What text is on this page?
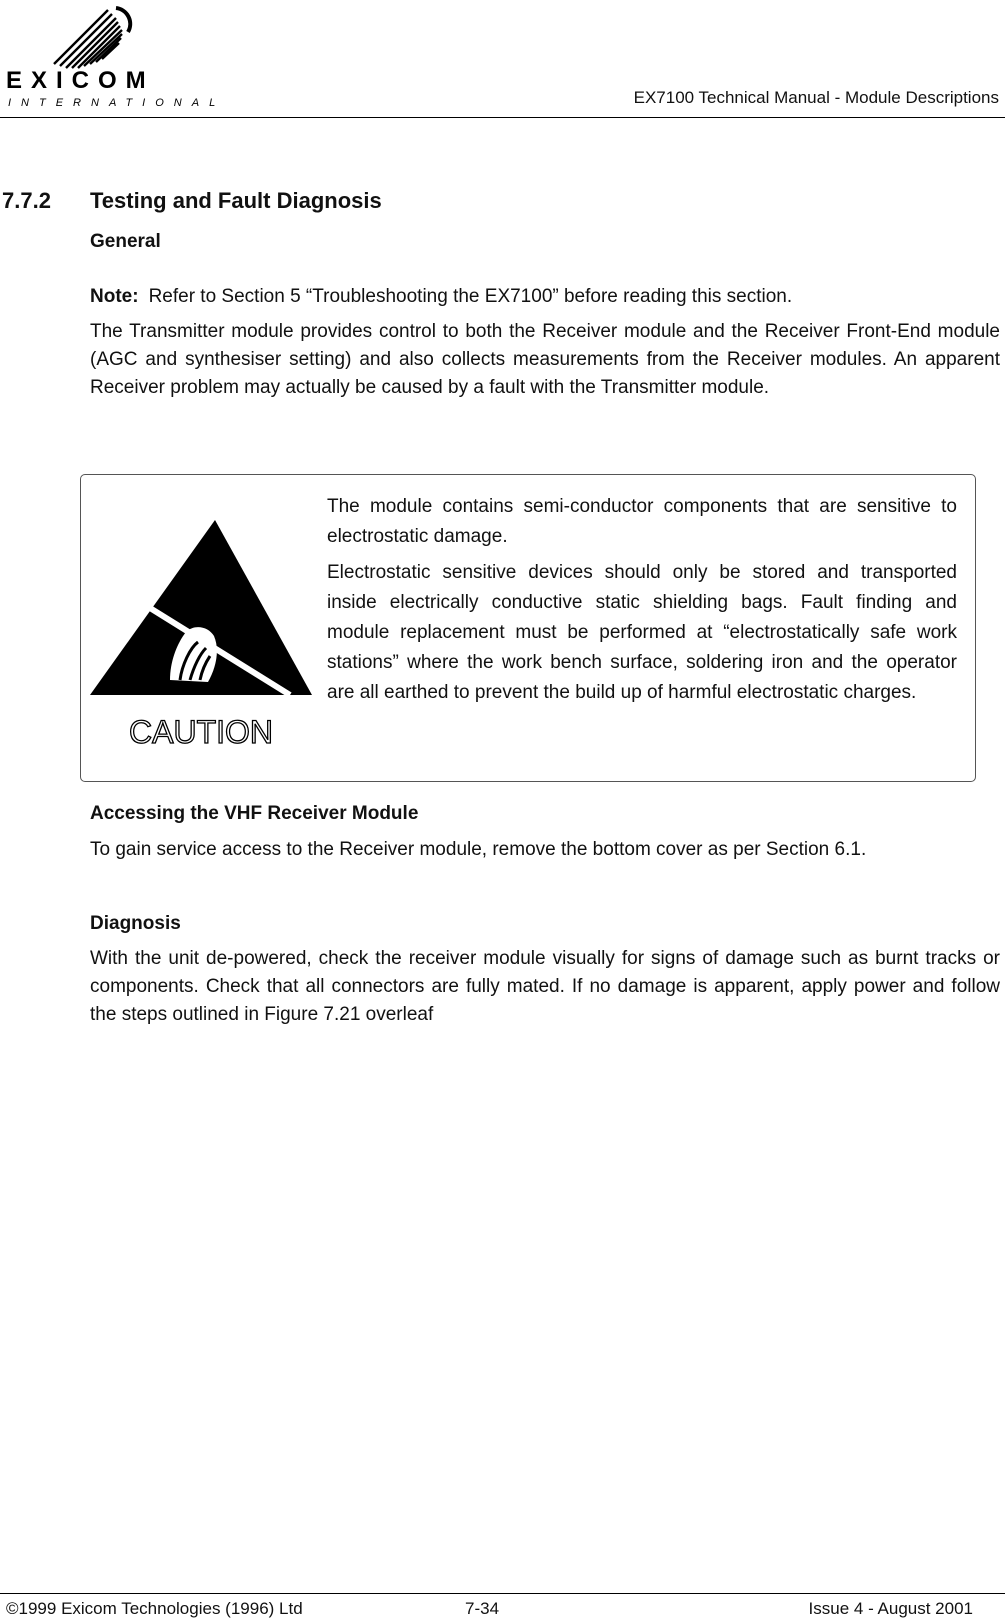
EXICOM
INTERNATIONAL	EX7100 Technical Manual - Module Descriptions
7.7.2 Testing and Fault Diagnosis
General
Note: Refer to Section 5 “Troubleshooting the EX7100” before reading this section.
The Transmitter module provides control to both the Receiver module and the Receiver Front-End module (AGC and synthesiser setting) and also collects measurements from the Receiver modules. An apparent Receiver problem may actually be caused by a fault with the Transmitter module.
CAUTION

The module contains semi-conductor components that are sensitive to electrostatic damage.

Electrostatic sensitive devices should only be stored and transported inside electrically conductive static shielding bags. Fault finding and module replacement must be performed at “electrostatically safe work stations” where the work bench surface, soldering iron and the operator are all earthed to prevent the build up of harmful electrostatic charges.

Accessing the VHF Receiver Module
To gain service access to the Receiver module, remove the bottom cover as per Section 6.1.
Diagnosis
With the unit de-powered, check the receiver module visually for signs of damage such as burnt tracks or components. Check that all connectors are fully mated. If no damage is apparent, apply power and follow the steps outlined in Figure 7.21 overleaf
©1999 Exicom Technologies (1996) Ltd	7-34	Issue 4 - August 2001
